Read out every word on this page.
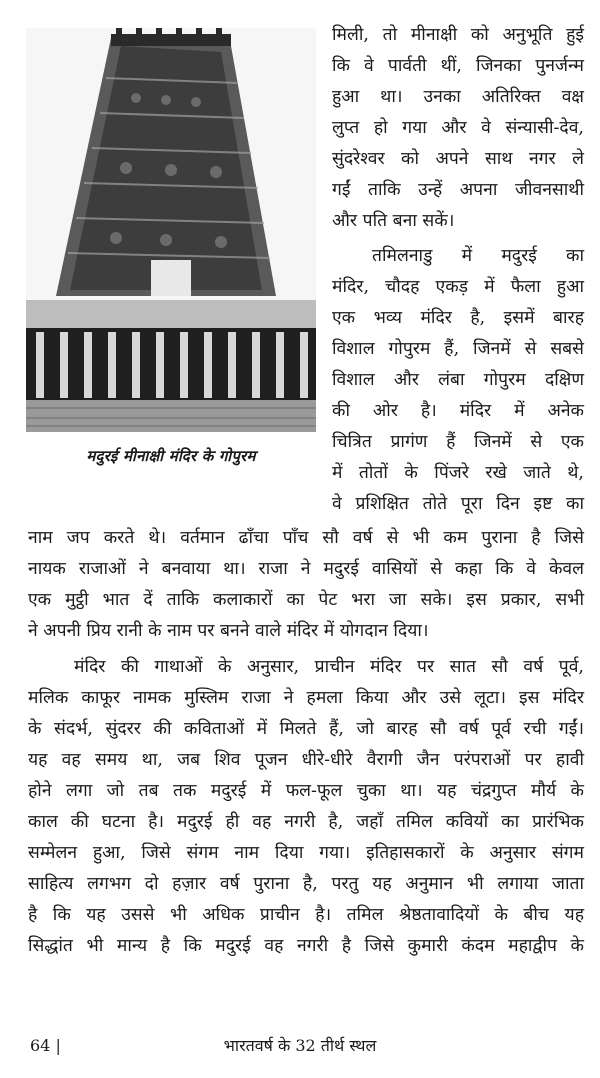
मदुरई मीनाक्षी मंदिर के गोपुरम
मिली, तो मीनाक्षी को अनुभूति हुई
कि वे पार्वती थीं, जिनका पुनर्जन्म
हुआ था। उनका अतिरिक्त वक्ष
लुप्त हो गया और वे संन्यासी-देव,
सुंदरेश्वर को अपने साथ नगर ले
गईं ताकि उन्हें अपना जीवनसाथी
और पति बना सकें।
तमिलनाडु में मदुरई का
मंदिर, चौदह एकड़ में फैला हुआ
एक भव्य मंदिर है, इसमें बारह
विशाल गोपुरम हैं, जिनमें से सबसे
विशाल और लंबा गोपुरम दक्षिण
की ओर है। मंदिर में अनेक
चित्रित प्रागंण हैं जिनमें से एक
में तोतों के पिंजरे रखे जाते थे,
वे प्रशिक्षित तोते पूरा दिन इष्ट का
नाम जप करते थे। वर्तमान ढाँचा पाँच सौ वर्ष से भी कम पुराना है जिसे
नायक राजाओं ने बनवाया था। राजा ने मदुरई वासियों से कहा कि वे केवल
एक मुट्ठी भात दें ताकि कलाकारों का पेट भरा जा सके। इस प्रकार, सभी
ने अपनी प्रिय रानी के नाम पर बनने वाले मंदिर में योगदान दिया।
मंदिर की गाथाओं के अनुसार, प्राचीन मंदिर पर सात सौ वर्ष पूर्व,
मलिक काफूर नामक मुस्लिम राजा ने हमला किया और उसे लूटा। इस मंदिर
के संदर्भ, सुंदरर की कविताओं में मिलते हैं, जो बारह सौ वर्ष पूर्व रची गईं।
यह वह समय था, जब शिव पूजन धीरे-धीरे वैरागी जैन परंपराओं पर हावी
होने लगा जो तब तक मदुरई में फल-फूल चुका था। यह चंद्रगुप्त मौर्य के
काल की घटना है। मदुरई ही वह नगरी है, जहाँ तमिल कवियों का प्रारंभिक
सम्मेलन हुआ, जिसे संगम नाम दिया गया। इतिहासकारों के अनुसार संगम
साहित्य लगभग दो हज़ार वर्ष पुराना है, परतु यह अनुमान भी लगाया जाता
है कि यह उससे भी अधिक प्राचीन है। तमिल श्रेष्ठतावादियों के बीच यह
सिद्धांत भी मान्य है कि मदुरई वह नगरी है जिसे कुमारी कंदम महाद्वीप के
भारतवर्ष के 32 तीर्थ स्थल
64 |
